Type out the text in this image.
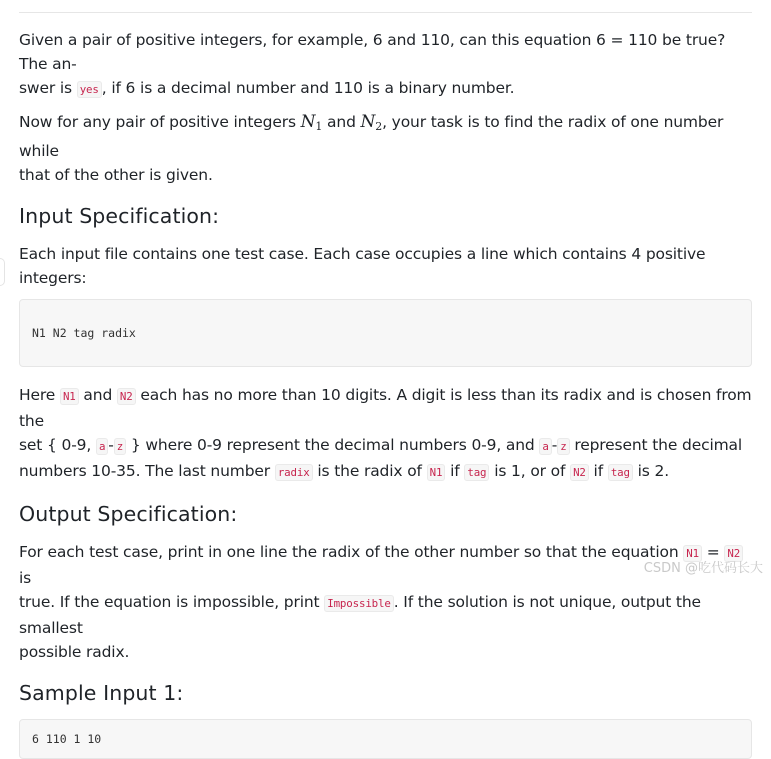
Given a pair of positive integers, for example, 6 and 110, can this equation 6 = 110 be true? The an-
swer is yes , if 6 is a decimal number and 110 is a binary number.

Now for any pair of positive integers $N_1$ and $N_2$, your task is to find the radix of one number while
that of the other is given.

Input Specification:

Each input file contains one test case. Each case occupies a line which contains 4 positive integers:

N1 N2 tag radix

Here N1 and N2 each has no more than 10 digits. A digit is less than its radix and is chosen from the
set { 0-9, a - z } where 0-9 represent the decimal numbers 0-9, and a - z represent the decimal
numbers 10-35. The last number radix is the radix of N1 if tag is 1, or of N2 if tag is 2.

Output Specification:

For each test case, print in one line the radix of the other number so that the equation N1 = N2 is
true. If the equation is impossible, print Impossible . If the solution is not unique, output the smallest
possible radix.

Sample Input 1:
6 110 1 10
CSDN @吃代码长大
